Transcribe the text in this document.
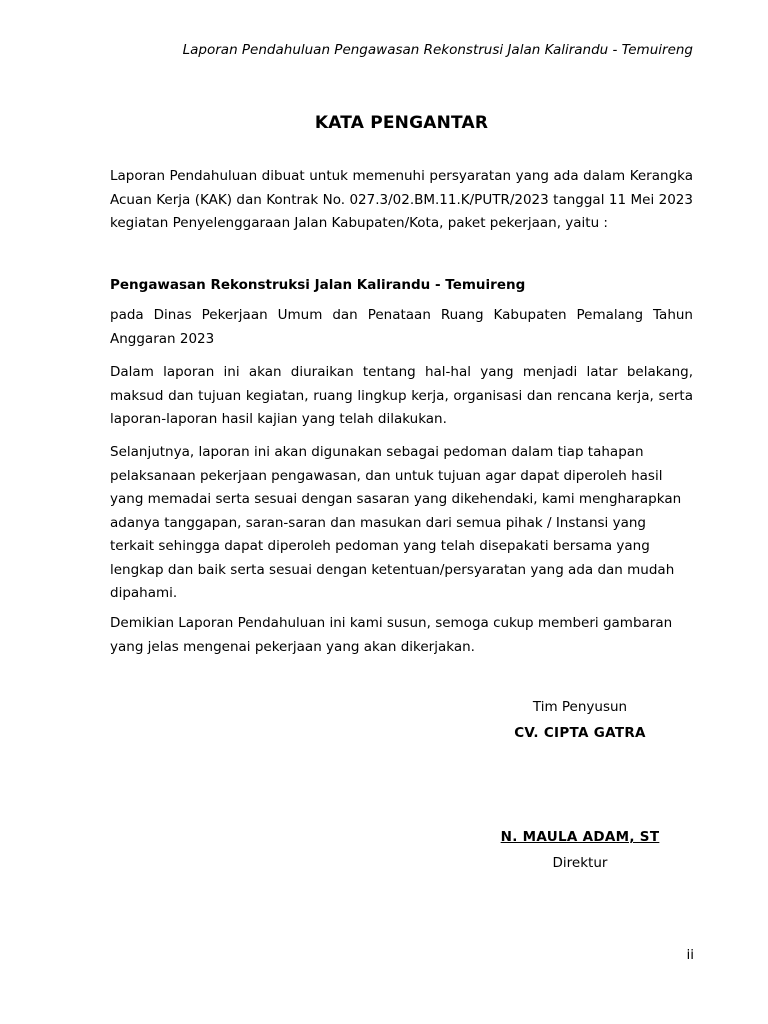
Laporan Pendahuluan Pengawasan Rekonstrusi Jalan Kalirandu - Temuireng
KATA PENGANTAR

Laporan Pendahuluan dibuat untuk memenuhi persyaratan yang ada dalam Kerangka Acuan Kerja (KAK) dan Kontrak No. 027.3/02.BM.11.K/PUTR/2023 tanggal 11 Mei 2023 kegiatan Penyelenggaraan Jalan Kabupaten/Kota, paket pekerjaan, yaitu :

Pengawasan Rekonstruksi Jalan Kalirandu - Temuireng

pada Dinas Pekerjaan Umum dan Penataan Ruang Kabupaten Pemalang Tahun Anggaran 2023

Dalam laporan ini akan diuraikan tentang hal-hal yang menjadi latar belakang, maksud dan tujuan kegiatan, ruang lingkup kerja, organisasi dan rencana kerja, serta laporan-laporan hasil kajian yang telah dilakukan.

Selanjutnya, laporan ini akan digunakan sebagai pedoman dalam tiap tahapan pelaksanaan pekerjaan pengawasan, dan untuk tujuan agar dapat diperoleh hasil yang memadai serta sesuai dengan sasaran yang dikehendaki, kami mengharapkan adanya tanggapan, saran-saran dan masukan dari semua pihak / Instansi yang terkait sehingga dapat diperoleh pedoman yang telah disepakati bersama yang lengkap dan baik serta sesuai dengan ketentuan/persyaratan yang ada dan mudah dipahami.

Demikian Laporan Pendahuluan ini kami susun, semoga cukup memberi gambaran yang jelas mengenai pekerjaan yang akan dikerjakan.

Tim Penyusun
CV. CIPTA GATRA
N. MAULA ADAM, ST
Direktur
ii
